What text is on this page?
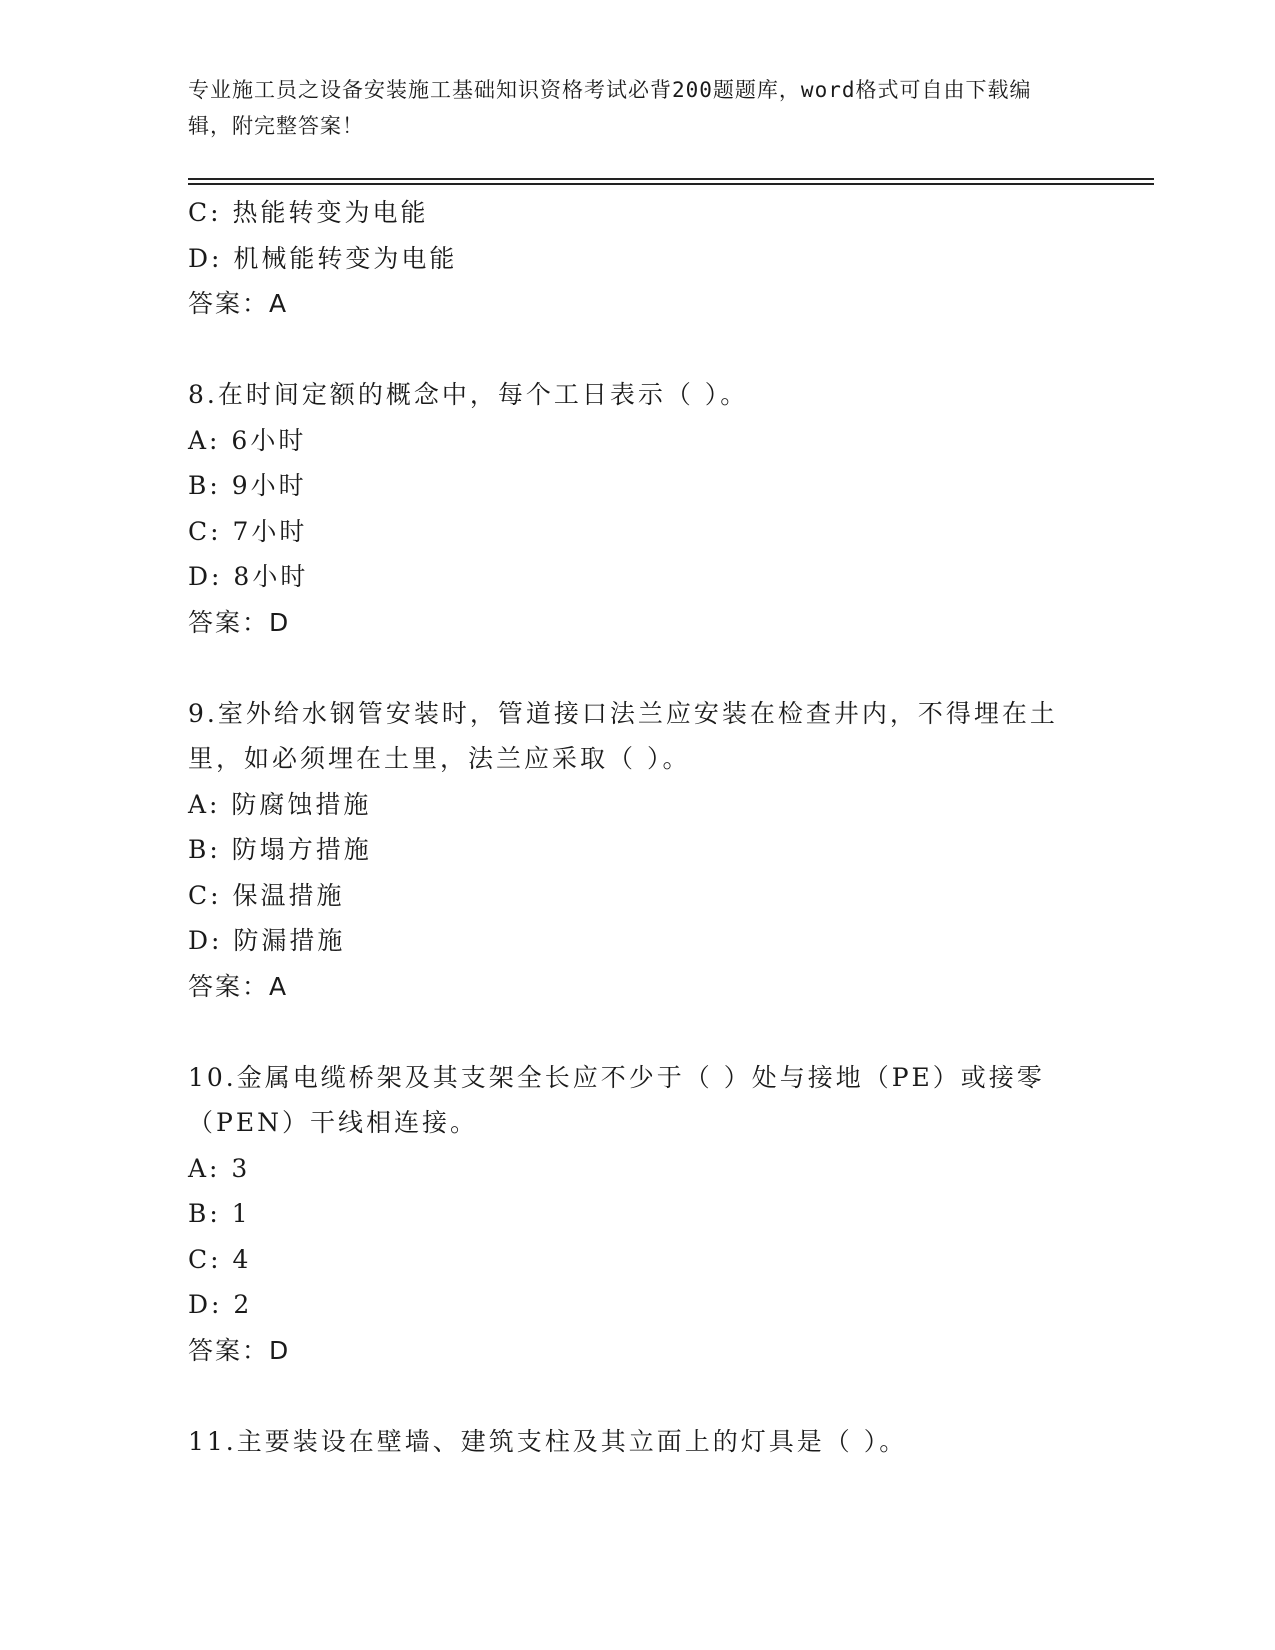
专业施工员之设备安装施工基础知识资格考试必背200题题库，word格式可自由下载编辑，附完整答案！
C: 热能转变为电能
D: 机械能转变为电能
答案：A
8.在时间定额的概念中，每个工日表示（ ）。
A: 6小时
B: 9小时
C: 7小时
D: 8小时
答案：D
9.室外给水钢管安装时，管道接口法兰应安装在检查井内，不得埋在土里，如必须埋在土里，法兰应采取（ ）。
A: 防腐蚀措施
B: 防塌方措施
C: 保温措施
D: 防漏措施
答案：A
10.金属电缆桥架及其支架全长应不少于（ ）处与接地（PE）或接零（PEN）干线相连接。
A: 3
B: 1
C: 4
D: 2
答案：D
11.主要装设在壁墙、建筑支柱及其立面上的灯具是（ ）。
